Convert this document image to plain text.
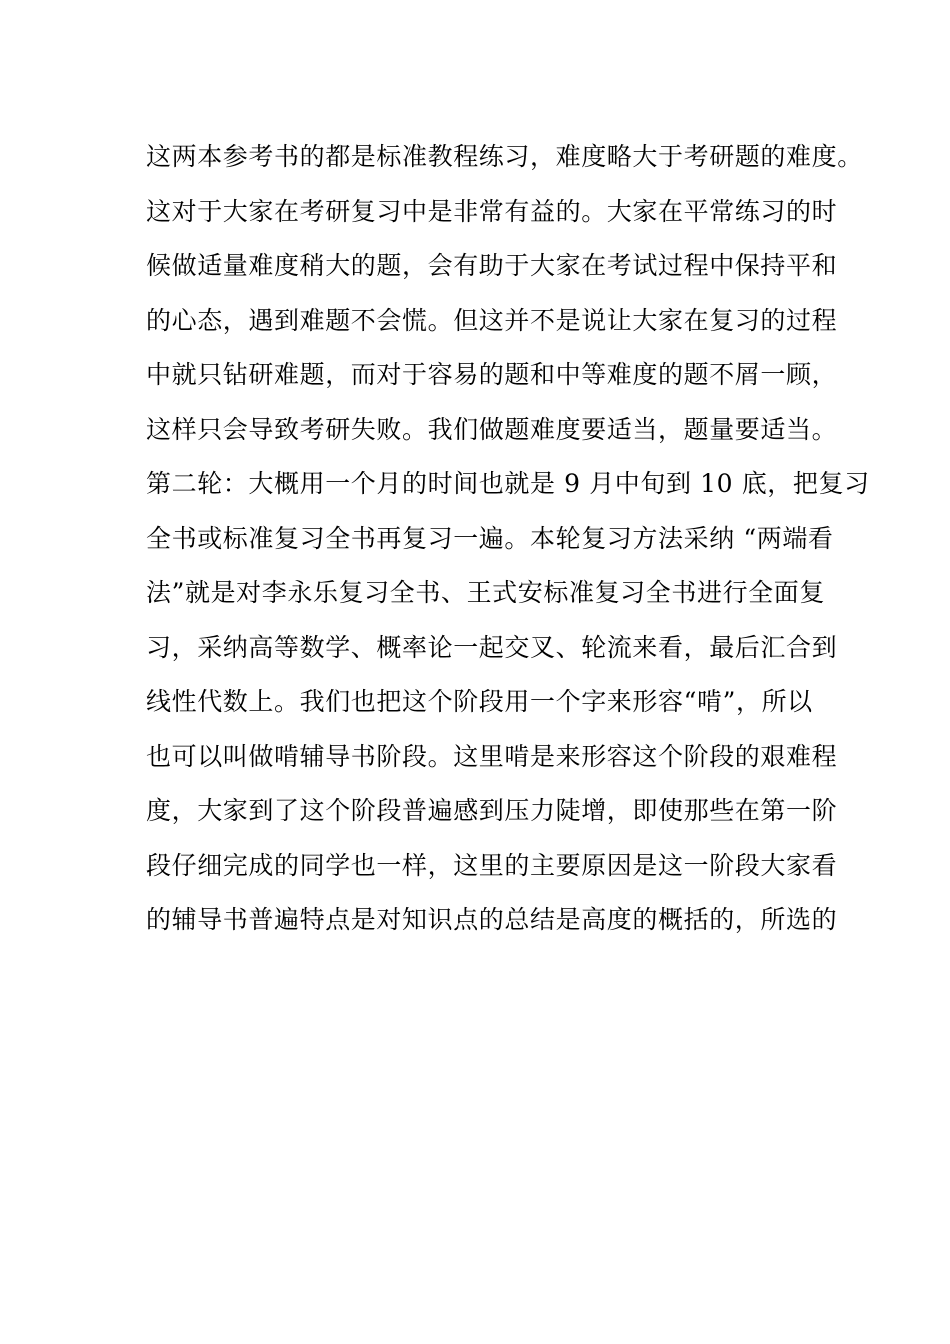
这两本参考书的都是标准教程练习，难度略大于考研题的难度。
这对于大家在考研复习中是非常有益的。大家在平常练习的时
候做适量难度稍大的题，会有助于大家在考试过程中保持平和
的心态，遇到难题不会慌。但这并不是说让大家在复习的过程
中就只钻研难题，而对于容易的题和中等难度的题不屑一顾，
这样只会导致考研失败。我们做题难度要适当，题量要适当。
第二轮：大概用一个月的时间也就是 9 月中旬到 10 底，把复习
全书或标准复习全书再复习一遍。本轮复习方法采纳 “两端看
法”就是对李永乐复习全书、王式安标准复习全书进行全面复
习，采纳高等数学、概率论一起交叉、轮流来看，最后汇合到
线性代数上。我们也把这个阶段用一个字来形容“啃”，所以
也可以叫做啃辅导书阶段。这里啃是来形容这个阶段的艰难程
度，大家到了这个阶段普遍感到压力陡增，即使那些在第一阶
段仔细完成的同学也一样，这里的主要原因是这一阶段大家看
的辅导书普遍特点是对知识点的总结是高度的概括的，所选的
